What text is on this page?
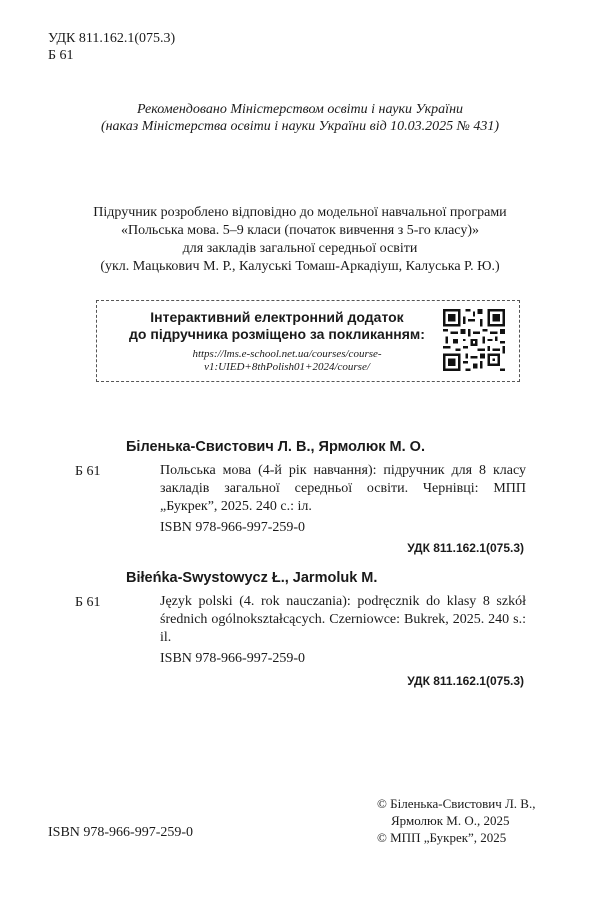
УДК 811.162.1(075.3)
Б 61
Рекомендовано Міністерством освіти і науки України
(наказ Міністерства освіти і науки України від 10.03.2025 № 431)
Підручник розроблено відповідно до модельної навчальної програми
«Польська мова. 5–9 класи (початок вивчення з 5-го класу)»
для закладів загальної середньої освіти
(укл. Мацькович М. Р., Калуські Томаш-Аркадіуш, Калуська Р. Ю.)
Інтерактивний електронний додаток
до підручника розміщено за покликанням:
https://lms.e-school.net.ua/courses/course-
v1:UIED+8thPolish01+2024/course/
Біленька-Свистович Л. В., Ярмолюк М. О.
Б 61	Польська мова (4-й рік навчання): підручник для 8 класу закладів загальної середньої освіти. Чернівці: МПП „Букрек”, 2025. 240 с.: іл.
ISBN 978-966-997-259-0
УДК 811.162.1(075.3)
Biłeńka-Swystowycz Ł., Jarmoluk M.
Б 61	Język polski (4. rok nauczania): podręcznik do klasy 8 szkół średnich ogólnokształcących. Czerniowce: Bukrek, 2025. 240 s.: il.
ISBN 978-966-997-259-0
УДК 811.162.1(075.3)
© Біленька-Свистович Л. В.,
Ярмолюк М. О., 2025
© МПП „Букрек”, 2025
ISBN 978-966-997-259-0
